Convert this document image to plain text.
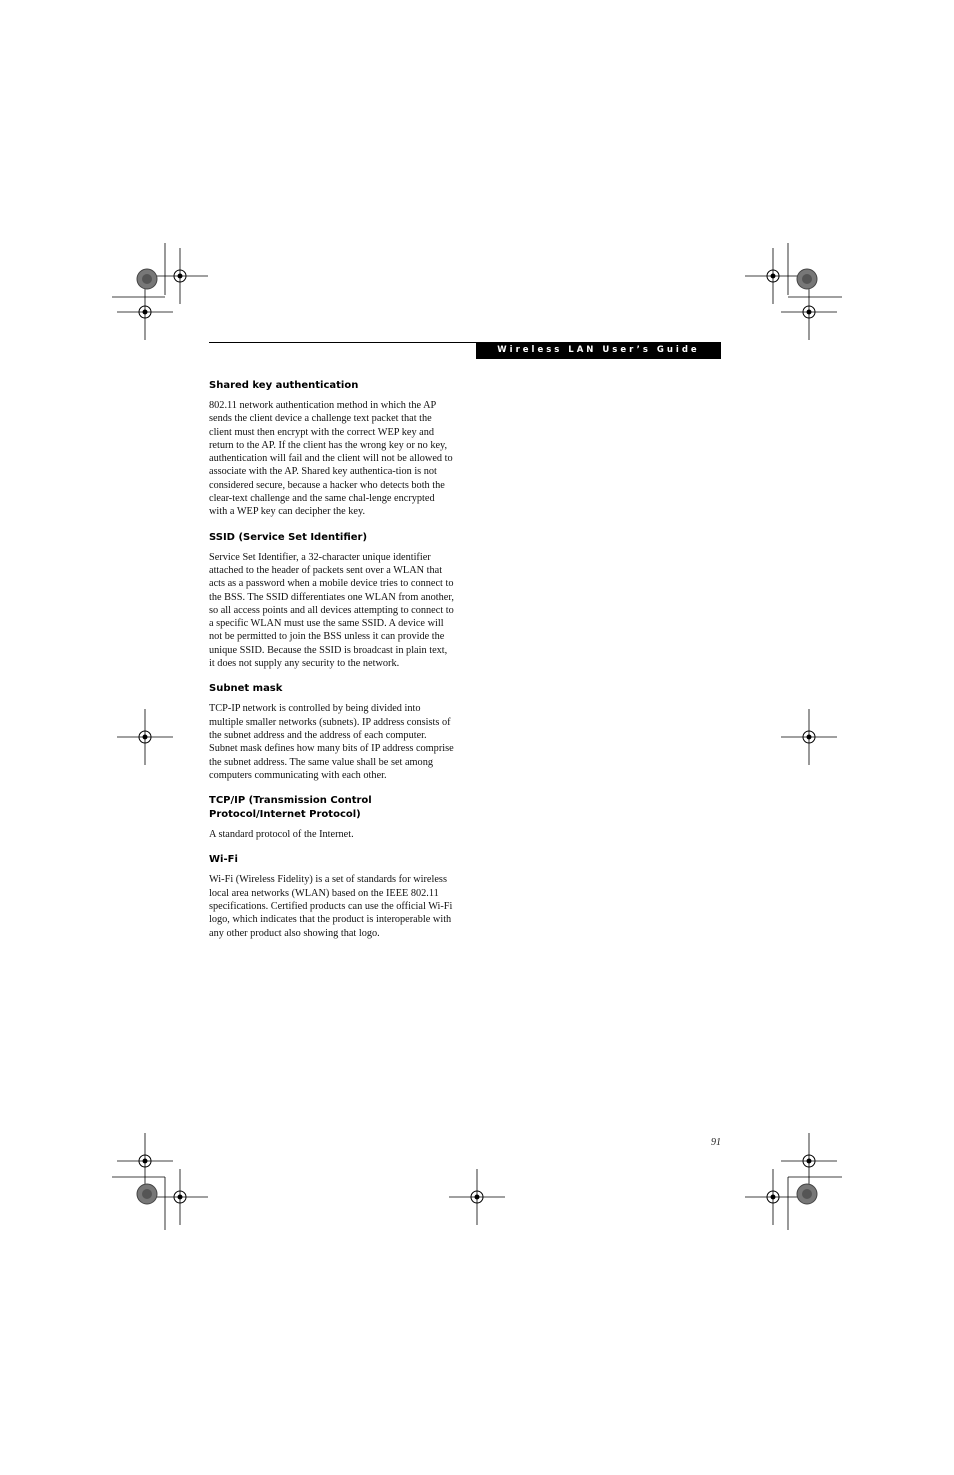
Wireless LAN User’s Guide

Shared key authentication

802.11 network authentication method in which the AP sends the client device a challenge text packet that the client must then encrypt with the correct WEP key and return to the AP. If the client has the wrong key or no key, authentication will fail and the client will not be allowed to associate with the AP. Shared key authentica-tion is not considered secure, because a hacker who detects both the clear-text challenge and the same chal-lenge encrypted with a WEP key can decipher the key.

SSID (Service Set Identifier)

Service Set Identifier, a 32-character unique identifier attached to the header of packets sent over a WLAN that acts as a password when a mobile device tries to connect to the BSS. The SSID differentiates one WLAN from another, so all access points and all devices attempting to connect to a specific WLAN must use the same SSID. A device will not be permitted to join the BSS unless it can provide the unique SSID. Because the SSID is broadcast in plain text, it does not supply any security to the network.

Subnet mask

TCP-IP network is controlled by being divided into multiple smaller networks (subnets). IP address consists of the subnet address and the address of each computer. Subnet mask defines how many bits of IP address comprise the subnet address. The same value shall be set among computers communicating with each other.

TCP/IP (Transmission Control Protocol/Internet Protocol)

A standard protocol of the Internet.

Wi-Fi

Wi-Fi (Wireless Fidelity) is a set of standards for wireless local area networks (WLAN) based on the IEEE 802.11 specifications. Certified products can use the official Wi-Fi logo, which indicates that the product is interoperable with any other product also showing that logo.

91
